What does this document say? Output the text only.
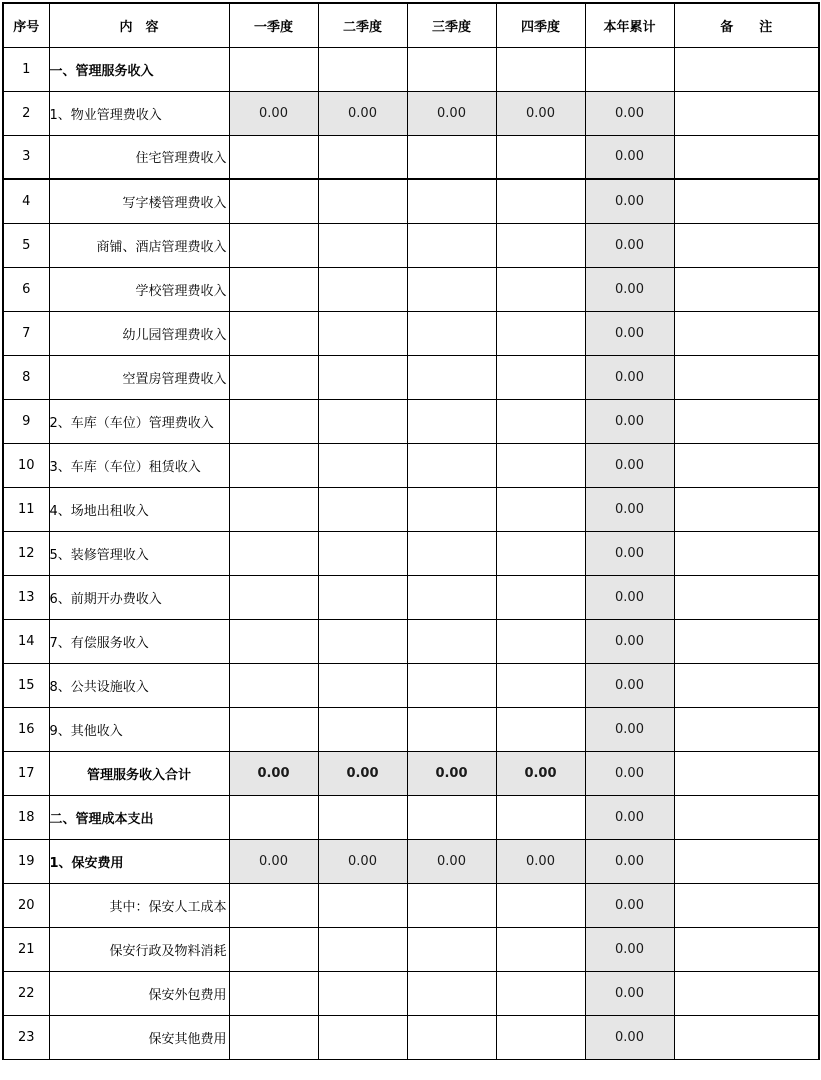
序号	内　容	一季度	二季度	三季度	四季度	本年累计	备　　注
1	一、管理服务收入						
2	1、物业管理费收入	0.00	0.00	0.00	0.00	0.00	
3	住宅管理费收入					0.00	
4	写字楼管理费收入					0.00	
5	商铺、酒店管理费收入					0.00	
6	学校管理费收入					0.00	
7	幼儿园管理费收入					0.00	
8	空置房管理费收入					0.00	
9	2、车库（车位）管理费收入					0.00	
10	3、车库（车位）租赁收入					0.00	
11	4、场地出租收入					0.00	
12	5、装修管理收入					0.00	
13	6、前期开办费收入					0.00	
14	7、有偿服务收入					0.00	
15	8、公共设施收入					0.00	
16	9、其他收入					0.00	
17	管理服务收入合计	0.00	0.00	0.00	0.00	0.00	
18	二、管理成本支出					0.00	
19	1、保安费用	0.00	0.00	0.00	0.00	0.00	
20	其中：保安人工成本					0.00	
21	保安行政及物料消耗					0.00	
22	保安外包费用					0.00	
23	保安其他费用					0.00	
